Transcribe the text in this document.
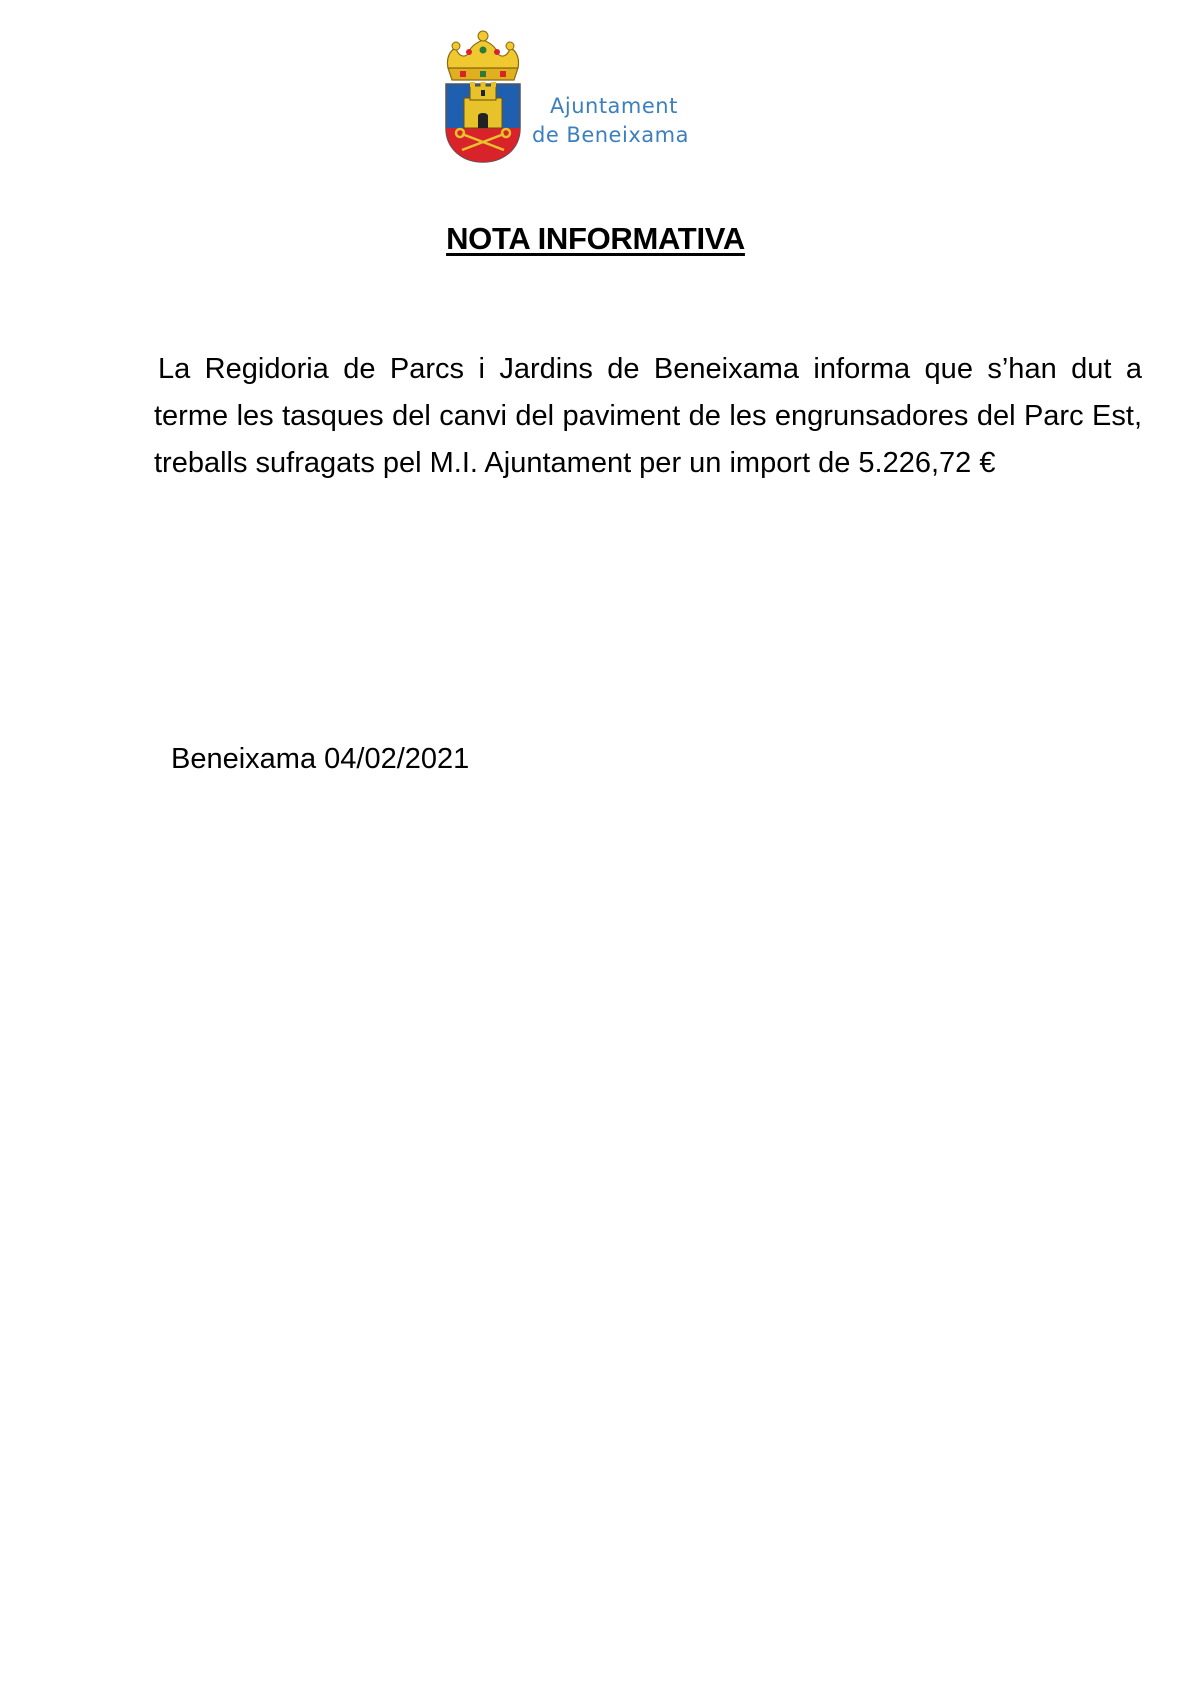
Ajuntament
de Beneixama
NOTA INFORMATIVA
La Regidoria de Parcs i Jardins de Beneixama informa que s’han dut a terme les tasques del canvi del paviment de les engrunsadores del Parc Est, treballs sufragats pel M.I. Ajuntament per un import de 5.226,72 €
Beneixama 04/02/2021
